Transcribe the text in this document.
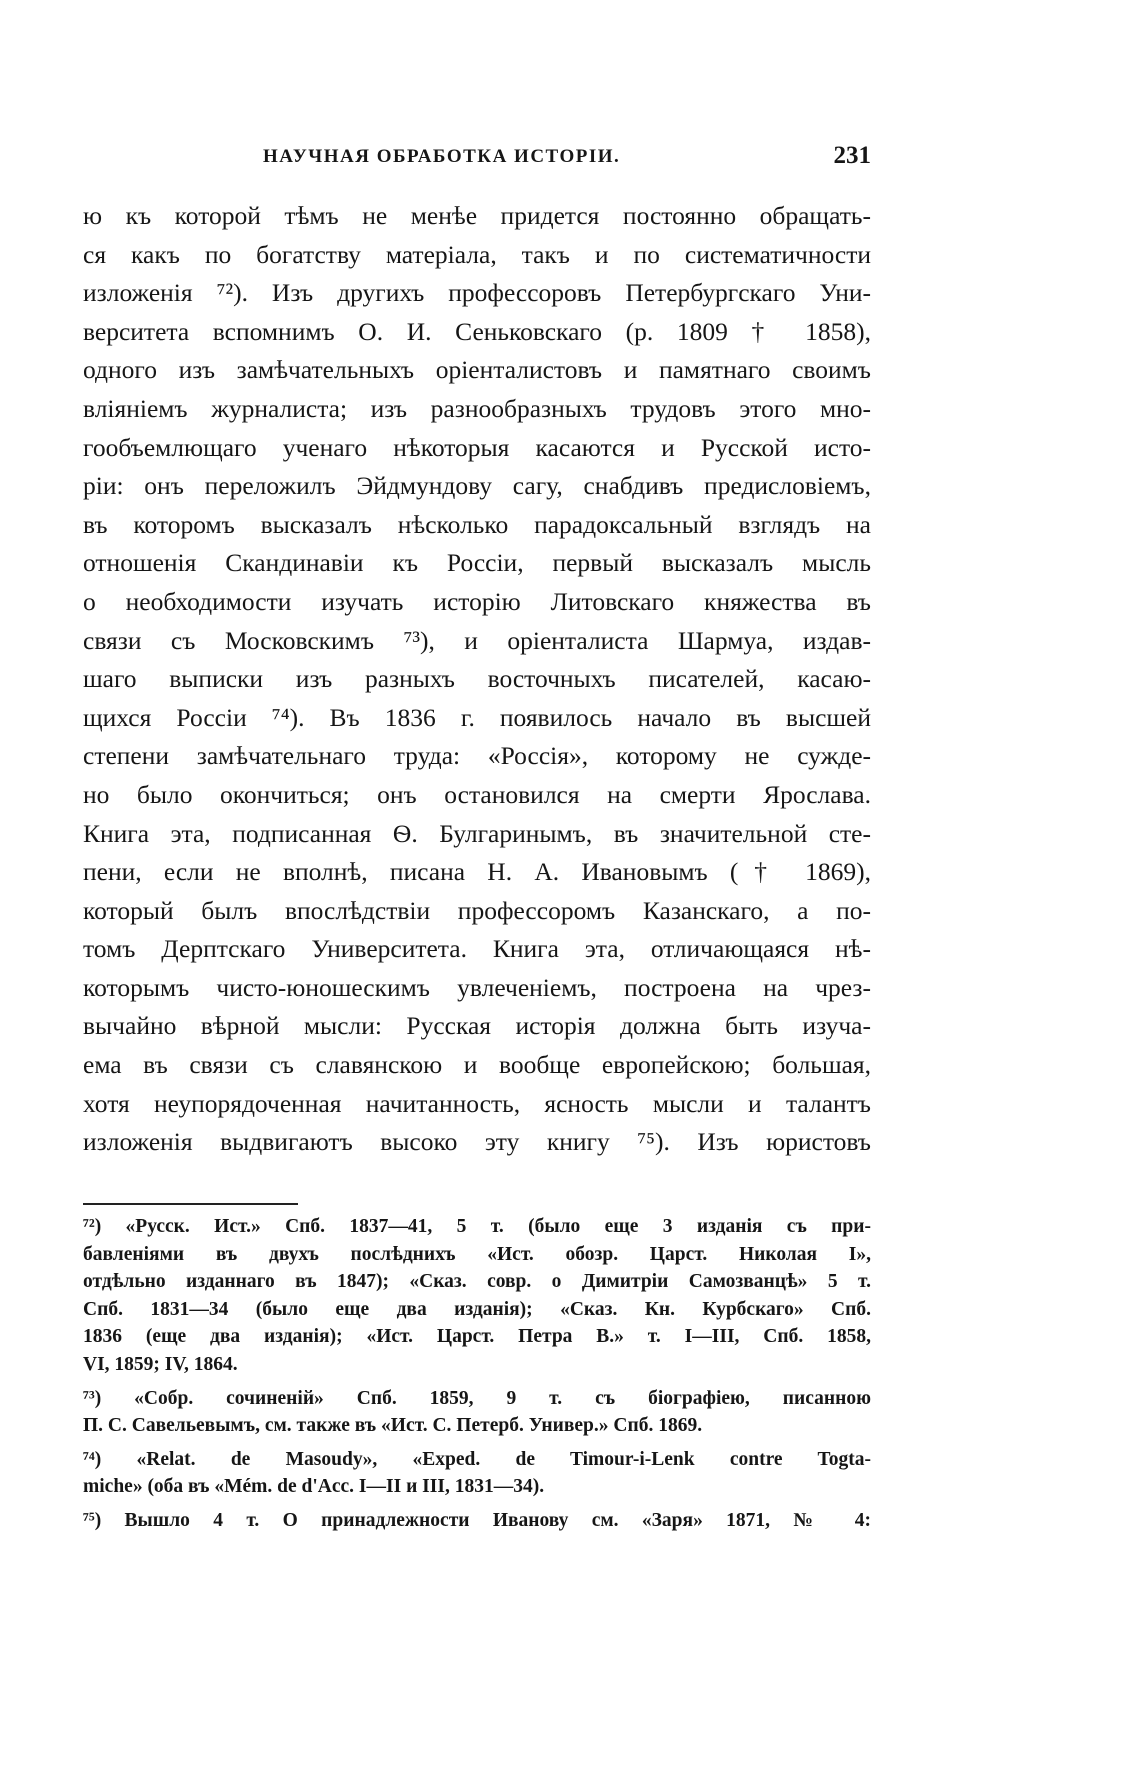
НАУЧНАЯ ОБРАБОТКА ИСТОРIИ.	231
ю къ которой тѣмъ не менѣе придется постоянно обращать-
ся какъ по богатству матеріала, такъ и по систематичности
изложенія ⁷²). Изъ другихъ профессоровъ Петербургскаго Уни-
верситета вспомнимъ О. И. Сеньковскаго (р. 1809 † 1858),
одного изъ замѣчательныхъ оріенталистовъ и памятнаго своимъ
вліяніемъ журналиста; изъ разнообразныхъ трудовъ этого мно-
гообъемлющаго ученаго нѣкоторыя касаются и Русской исто-
ріи: онъ переложилъ Эйдмундову сагу, снабдивъ предисловіемъ,
въ которомъ высказалъ нѣсколько парадоксальный взглядъ на
отношенія Скандинавіи къ Россіи, первый высказалъ мысль
о необходимости изучать исторію Литовскаго княжества въ
связи съ Московскимъ ⁷³), и оріенталиста Шармуа, издав-
шаго выписки изъ разныхъ восточныхъ писателей, касаю-
щихся Россіи ⁷⁴). Въ 1836 г. появилось начало въ высшей
степени замѣчательнаго труда: «Россія», которому не сужде-
но было окончиться; онъ остановился на смерти Ярослава.
Книга эта, подписанная Ѳ. Булгаринымъ, въ значительной сте-
пени, если не вполнѣ, писана Н. А. Ивановымъ († 1869),
который былъ впослѣдствіи профессоромъ Казанскаго, а по-
томъ Дерптскаго Университета. Книга эта, отличающаяся нѣ-
которымъ чисто-юношескимъ увлеченіемъ, построена на чрез-
вычайно вѣрной мысли: Русская исторія должна быть изуча-
ема въ связи съ славянскою и вообще европейскою; большая,
хотя неупорядоченная начитанность, ясность мысли и талантъ
изложенія выдвигаютъ высоко эту книгу ⁷⁵). Изъ юристовъ
⁷²) «Русск. Ист.» Спб. 1837—41, 5 т. (было еще 3 изданія съ при-
бавленіями въ двухъ послѣднихъ «Ист. обозр. Царст. Николая I»,
отдѣльно изданнаго въ 1847); «Сказ. совр. о Димитріи Самозванцѣ» 5 т.
Спб. 1831—34 (было еще два изданія); «Сказ. Кн. Курбскаго» Спб.
1836 (еще два изданія); «Ист. Царст. Петра В.» т. I—III, Спб. 1858,
VI, 1859; IV, 1864.
⁷³) «Собр. сочиненій» Спб. 1859, 9 т. съ біографіею, писанною
П. С. Савельевымъ, см. также въ «Ист. С. Петерб. Универ.» Спб. 1869.
⁷⁴) «Relat. de Masoudy», «Exped. de Timour-i-Lenk contre Togta-
miche» (оба въ «Mém. de d'Acc. I—II и III, 1831—34).
⁷⁵) Вышло 4 т. О принадлежности Иванову см. «Заря» 1871, № 4:
